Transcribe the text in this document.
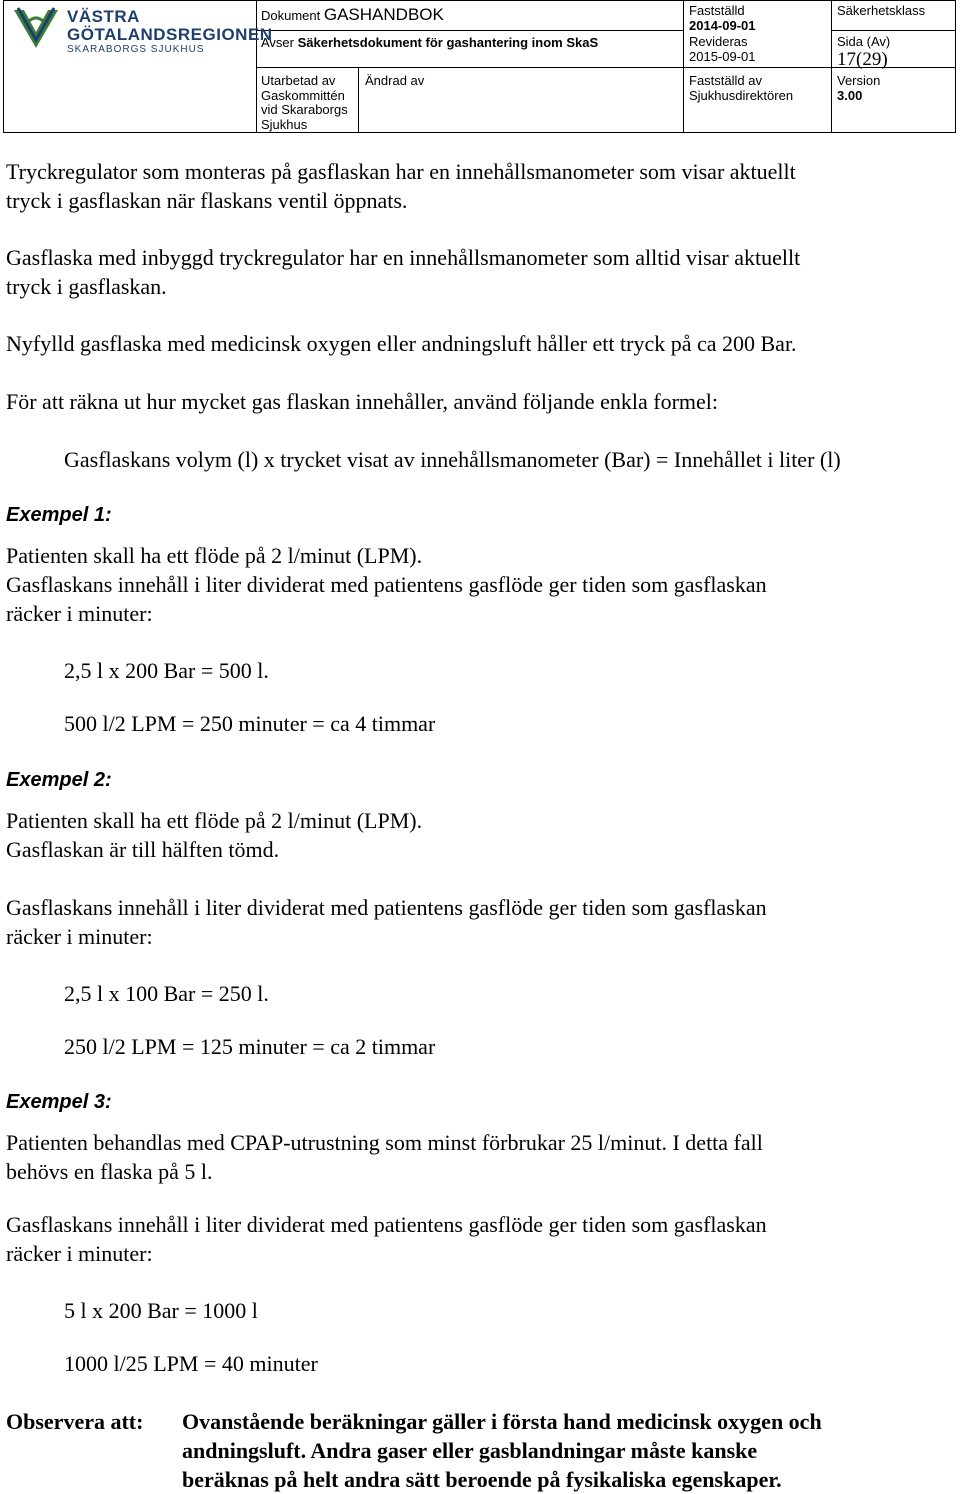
VÄSTRA
GÖTALANDSREGIONEN
SKARABORGS SJUKHUS
Dokument GASHANDBOK
Avser Säkerhetsdokument för gashantering inom SkaS
Fastställd
2014-09-01
Revideras
2015-09-01
Säkerhetsklass
Sida (Av)
17(29)
Utarbetad av
Gaskommittén
vid Skaraborgs
Sjukhus
Ändrad av	Fastställd av
Sjukhusdirektören
Version
3.00
Tryckregulator som monteras på gasflaskan har en innehållsmanometer som visar aktuellt
tryck i gasflaskan när flaskans ventil öppnats.
Gasflaska med inbyggd tryckregulator har en innehållsmanometer som alltid visar aktuellt
tryck i gasflaskan.
Nyfylld gasflaska med medicinsk oxygen eller andningsluft håller ett tryck på ca 200 Bar.
För att räkna ut hur mycket gas flaskan innehåller, använd följande enkla formel:
Gasflaskans volym (l) x trycket visat av innehållsmanometer (Bar) = Innehållet i liter (l)
Exempel 1:
Patienten skall ha ett flöde på 2 l/minut (LPM).
Gasflaskans innehåll i liter dividerat med patientens gasflöde ger tiden som gasflaskan
räcker i minuter:
2,5 l x 200 Bar = 500 l.
500 l/2 LPM = 250 minuter = ca 4 timmar
Exempel 2:
Patienten skall ha ett flöde på 2 l/minut (LPM).
Gasflaskan är till hälften tömd.
Gasflaskans innehåll i liter dividerat med patientens gasflöde ger tiden som gasflaskan
räcker i minuter:
2,5 l x 100 Bar = 250 l.
250 l/2 LPM = 125 minuter = ca 2 timmar
Exempel 3:
Patienten behandlas med CPAP-utrustning som minst förbrukar 25 l/minut. I detta fall
behövs en flaska på 5 l.
Gasflaskans innehåll i liter dividerat med patientens gasflöde ger tiden som gasflaskan
räcker i minuter:
5 l x 200 Bar = 1000 l
1000 l/25 LPM = 40 minuter
Observera att: Ovanstående beräkningar gäller i första hand medicinsk oxygen och
andningsluft. Andra gaser eller gasblandningar måste kanske
beräknas på helt andra sätt beroende på fysikaliska egenskaper.
